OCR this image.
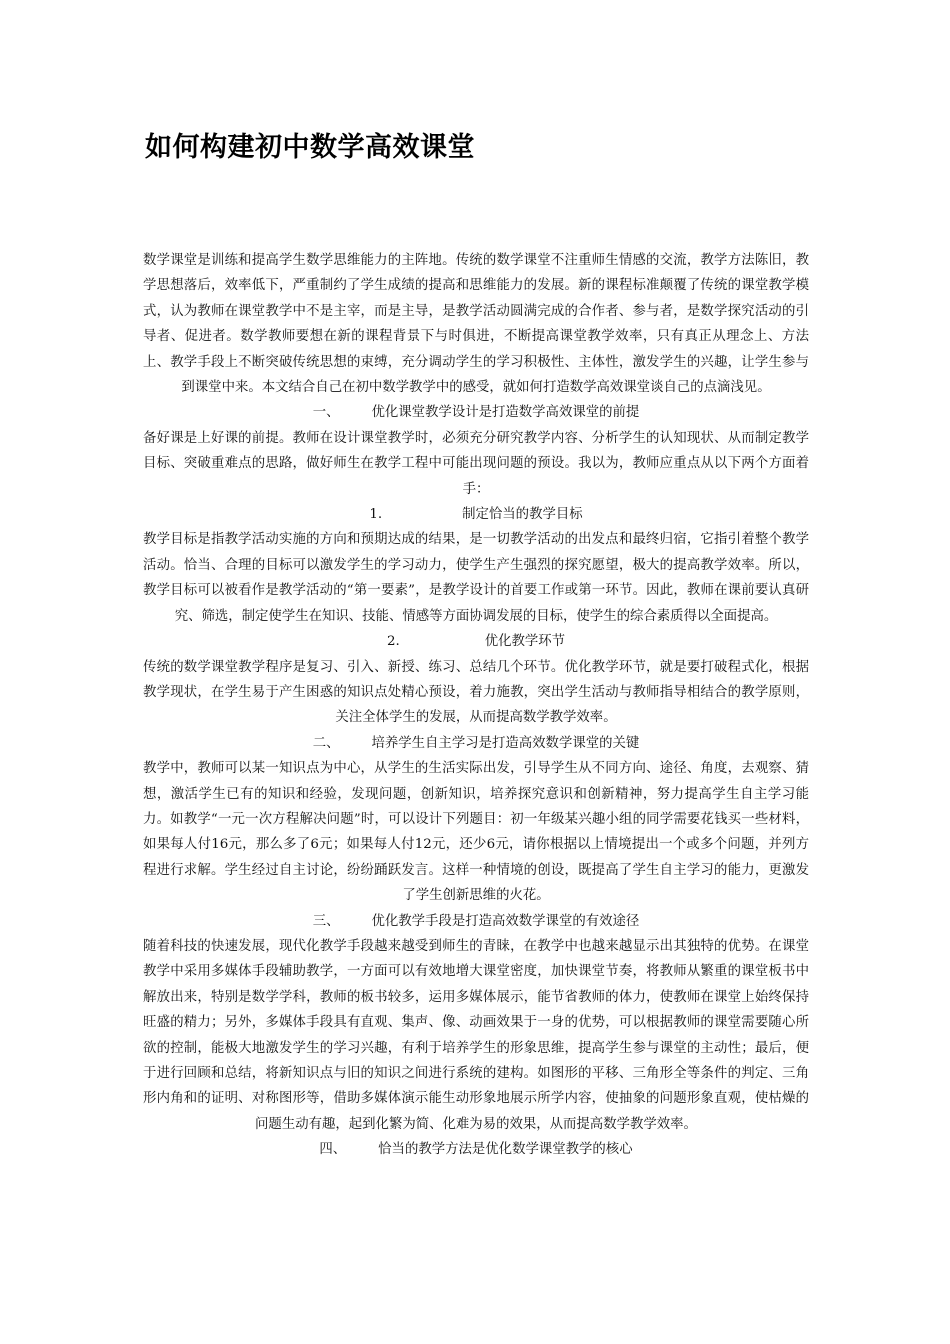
如何构建初中数学高效课堂

数学课堂是训练和提高学生数学思维能力的主阵地。传统的数学课堂不注重师生情感的交流，教学方法陈旧，教学思想落后，效率低下，严重制约了学生成绩的提高和思维能力的发展。新的课程标准颠覆了传统的课堂教学模式，认为教师在课堂教学中不是主宰，而是主导，是教学活动圆满完成的合作者、参与者，是数学探究活动的引导者、促进者。数学教师要想在新的课程背景下与时俱进，不断提高课堂教学效率，只有真正从理念上、方法上、教学手段上不断突破传统思想的束缚，充分调动学生的学习积极性、主体性，激发学生的兴趣，让学生参与到课堂中来。本文结合自己在初中数学教学中的感受，就如何打造数学高效课堂谈自己的点滴浅见。

一、 优化课堂教学设计是打造数学高效课堂的前提

备好课是上好课的前提。教师在设计课堂教学时，必须充分研究教学内容、分析学生的认知现状、从而制定教学目标、突破重难点的思路，做好师生在教学工程中可能出现问题的预设。我以为，教师应重点从以下两个方面着手：

1.	制定恰当的教学目标

教学目标是指教学活动实施的方向和预期达成的结果，是一切教学活动的出发点和最终归宿，它指引着整个教学活动。恰当、合理的目标可以激发学生的学习动力，使学生产生强烈的探究愿望，极大的提高教学效率。所以，教学目标可以被看作是教学活动的“第一要素”，是教学设计的首要工作或第一环节。因此，教师在课前要认真研究、筛选，制定使学生在知识、技能、情感等方面协调发展的目标，使学生的综合素质得以全面提高。

2.	优化教学环节

传统的数学课堂教学程序是复习、引入、新授、练习、总结几个环节。优化教学环节，就是要打破程式化，根据教学现状，在学生易于产生困惑的知识点处精心预设，着力施教，突出学生活动与教师指导相结合的教学原则，关注全体学生的发展，从而提高数学教学效率。

二、 培养学生自主学习是打造高效数学课堂的关键

教学中，教师可以某一知识点为中心，从学生的生活实际出发，引导学生从不同方向、途径、角度，去观察、猜想，激活学生已有的知识和经验，发现问题，创新知识，培养探究意识和创新精神，努力提高学生自主学习能力。如教学“一元一次方程解决问题”时，可以设计下列题目：初一年级某兴趣小组的同学需要花钱买一些材料，如果每人付16元，那么多了6元；如果每人付12元，还少6元，请你根据以上情境提出一个或多个问题，并列方程进行求解。学生经过自主讨论，纷纷踊跃发言。这样一种情境的创设，既提高了学生自主学习的能力，更激发了学生创新思维的火花。

三、 优化教学手段是打造高效数学课堂的有效途径

随着科技的快速发展，现代化教学手段越来越受到师生的青睐，在教学中也越来越显示出其独特的优势。在课堂教学中采用多媒体手段辅助教学，一方面可以有效地增大课堂密度，加快课堂节奏，将教师从繁重的课堂板书中解放出来，特别是数学学科，教师的板书较多，运用多媒体展示，能节省教师的体力，使教师在课堂上始终保持旺盛的精力；另外，多媒体手段具有直观、集声、像、动画效果于一身的优势，可以根据教师的课堂需要随心所欲的控制，能极大地激发学生的学习兴趣，有利于培养学生的形象思维，提高学生参与课堂的主动性；最后，便于进行回顾和总结，将新知识点与旧的知识之间进行系统的建构。如图形的平移、三角形全等条件的判定、三角形内角和的证明、对称图形等，借助多媒体演示能生动形象地展示所学内容，使抽象的问题形象直观，使枯燥的问题生动有趣，起到化繁为简、化难为易的效果，从而提高数学教学效率。

四、 恰当的教学方法是优化数学课堂教学的核心
